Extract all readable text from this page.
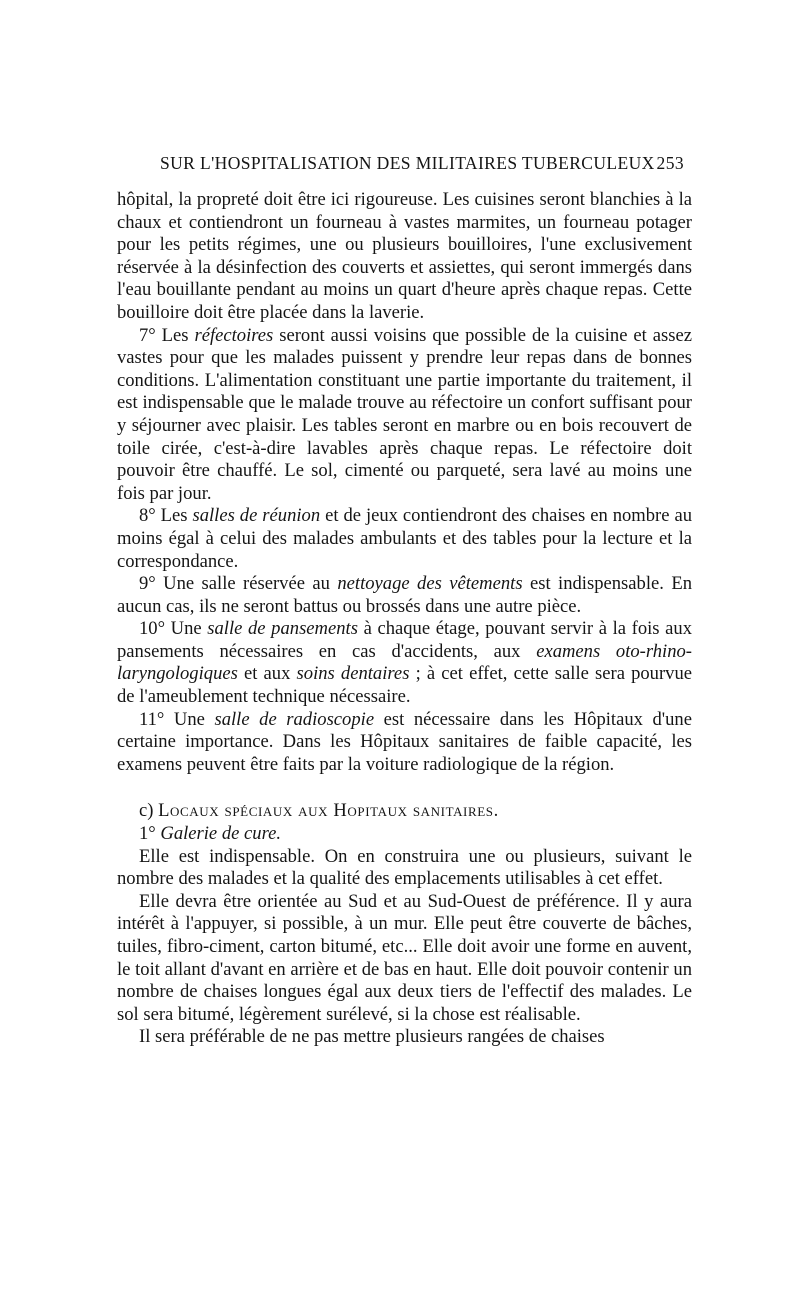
SUR L'HOSPITALISATION DES MILITAIRES TUBERCULEUX 253

hôpital, la propreté doit être ici rigoureuse. Les cuisines seront blanchies à la chaux et contiendront un fourneau à vastes marmites, un fourneau potager pour les petits régimes, une ou plusieurs bouilloires, l'une exclusivement réservée à la désinfection des couverts et assiettes, qui seront immergés dans l'eau bouillante pendant au moins un quart d'heure après chaque repas. Cette bouilloire doit être placée dans la laverie.

7° Les réfectoires seront aussi voisins que possible de la cuisine et assez vastes pour que les malades puissent y prendre leur repas dans de bonnes conditions. L'alimentation constituant une partie importante du traitement, il est indispensable que le malade trouve au réfectoire un confort suffisant pour y séjourner avec plaisir. Les tables seront en marbre ou en bois recouvert de toile cirée, c'est-à-dire lavables après chaque repas. Le réfectoire doit pouvoir être chauffé. Le sol, cimenté ou parqueté, sera lavé au moins une fois par jour.

8° Les salles de réunion et de jeux contiendront des chaises en nombre au moins égal à celui des malades ambulants et des tables pour la lecture et la correspondance.

9° Une salle réservée au nettoyage des vêtements est indispensable. En aucun cas, ils ne seront battus ou brossés dans une autre pièce.

10° Une salle de pansements à chaque étage, pouvant servir à la fois aux pansements nécessaires en cas d'accidents, aux examens oto-rhino-laryngologiques et aux soins dentaires ; à cet effet, cette salle sera pourvue de l'ameublement technique nécessaire.

11° Une salle de radioscopie est nécessaire dans les Hôpitaux d'une certaine importance. Dans les Hôpitaux sanitaires de faible capacité, les examens peuvent être faits par la voiture radiologique de la région.

c) Locaux spéciaux aux Hopitaux sanitaires.

1° Galerie de cure.

Elle est indispensable. On en construira une ou plusieurs, suivant le nombre des malades et la qualité des emplacements utilisables à cet effet.

Elle devra être orientée au Sud et au Sud-Ouest de préférence. Il y aura intérêt à l'appuyer, si possible, à un mur. Elle peut être couverte de bâches, tuiles, fibro-ciment, carton bitumé, etc... Elle doit avoir une forme en auvent, le toit allant d'avant en arrière et de bas en haut. Elle doit pouvoir contenir un nombre de chaises longues égal aux deux tiers de l'effectif des malades. Le sol sera bitumé, légèrement surélevé, si la chose est réalisable.

Il sera préférable de ne pas mettre plusieurs rangées de chaises
